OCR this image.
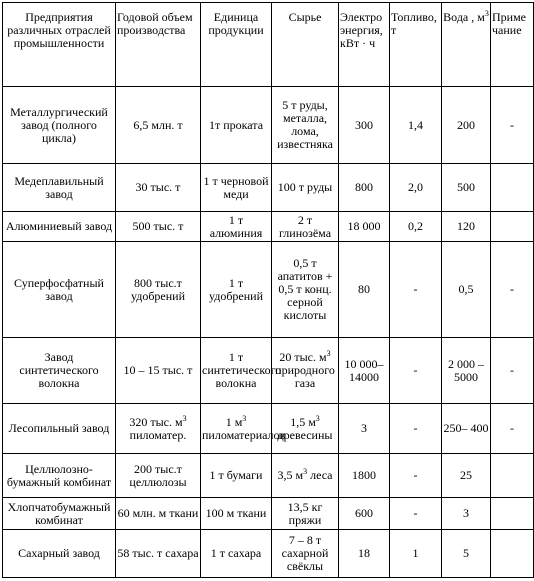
Предприятия различных отраслей промышленности	Годовой объем производства	Единица продукции	Сырье	Электро энергия, кВт · ч	Топливо, т	Вода , $м^3$	Приме чание

Металлургический завод (полного цикла)	6,5 млн. т	1т проката	5 т руды, металла, лома, известняка	300	1,4	200	-
Медеплавильный завод	30 тыс. т	1 т черновой меди	100 т руды	800	2,0	500	
Алюминиевый завод	500 тыс. т	1 т алюминия	2 т глинозёма	18 000	0,2	120	
Суперфосфатный завод	800 тыс.т удобрений	1 т удобрений	0,5 т апатитов + 0,5 т конц. серной кислоты	80	-	0,5	-
Завод синтетического волокна	10 – 15 тыс. т	1 т синтетического волокна	20 тыс. $м^3$ природного газа	10 000– 14000	-	2 000 – 5000	-
Лесопильный завод	320 тыс. $м^3$ пиломатер.	1 $м^3$ пиломатериалов	1,5 $м^3$ древесины	3	-	250– 400	-
Целлюлозно-бумажный комбинат	200 тыс.т целлюлозы	1 т бумаги	3,5 $м^3$ леса	1800	-	25	
Хлопчатобумажный комбинат	60 млн. м ткани	100 м ткани	13,5 кг пряжи	600	-	3	
Сахарный завод	58 тыс. т сахара	1 т сахара	7 – 8 т сахарной свёклы	18	1	5	
